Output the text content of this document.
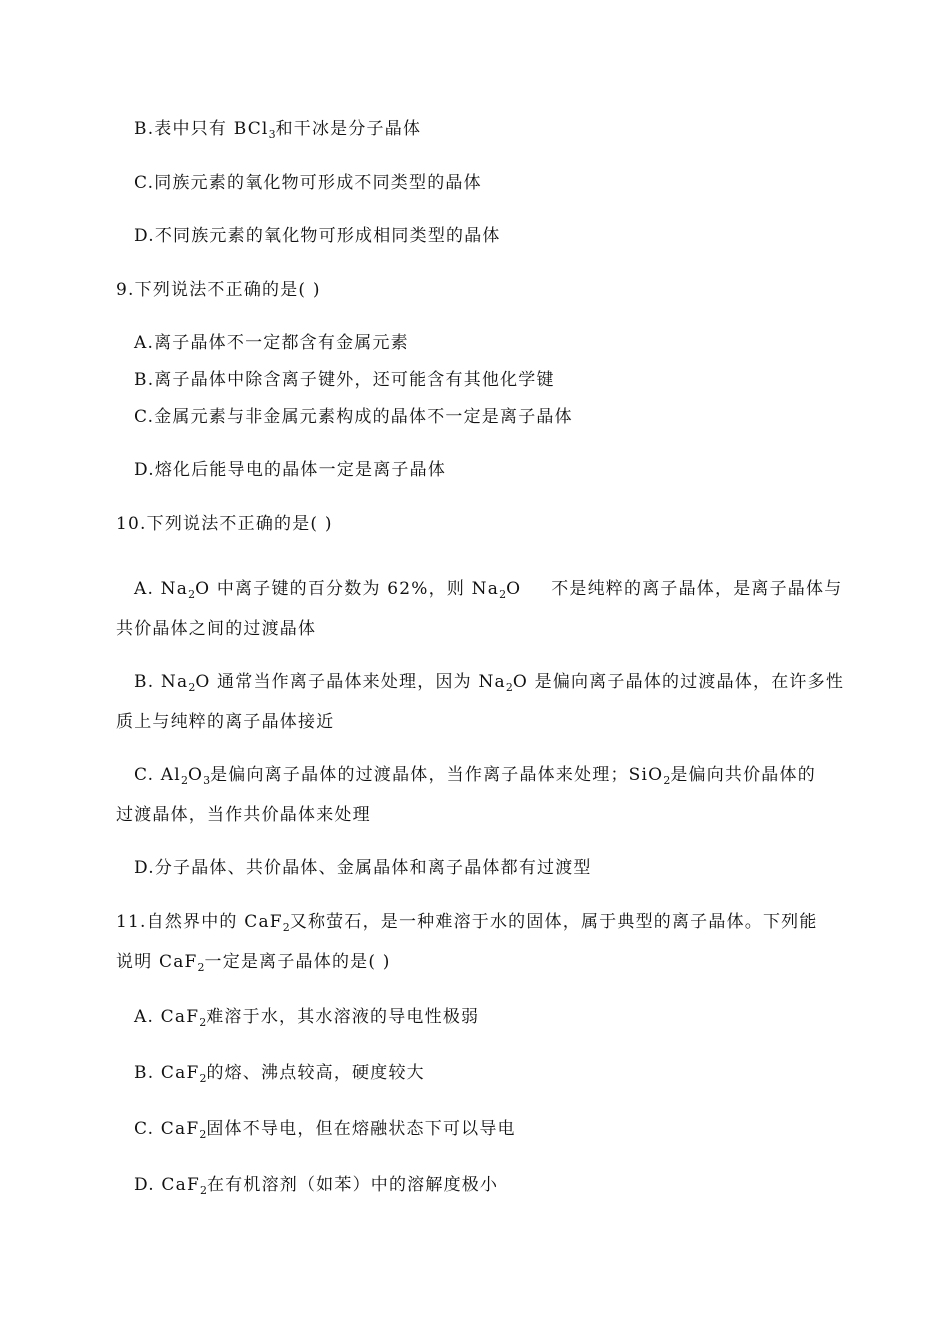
B.表中只有 BCl$_3$和干冰是分子晶体
C.同族元素的氧化物可形成不同类型的晶体
D.不同族元素的氧化物可形成相同类型的晶体
9.下列说法不正确的是( )
A.离子晶体不一定都含有金属元素
B.离子晶体中除含离子键外，还可能含有其他化学键
C.金属元素与非金属元素构成的晶体不一定是离子晶体
D.熔化后能导电的晶体一定是离子晶体
10.下列说法不正确的是( )
A. $Na_2O$ 中离子键的百分数为 62%，则 $Na_2O$ 不是纯粹的离子晶体，是离子晶体与
共价晶体之间的过渡晶体
B. $Na_2O$ 通常当作离子晶体来处理，因为 $Na_2O$ 是偏向离子晶体的过渡晶体，在许多性
质上与纯粹的离子晶体接近
C. $Al_2O_3$是偏向离子晶体的过渡晶体，当作离子晶体来处理；SiO$_2$是偏向共价晶体的
过渡晶体，当作共价晶体来处理
D.分子晶体、共价晶体、金属晶体和离子晶体都有过渡型
11.自然界中的 CaF$_2$又称萤石，是一种难溶于水的固体，属于典型的离子晶体。下列能
说明 CaF$_2$一定是离子晶体的是( )
A. CaF$_2$难溶于水，其水溶液的导电性极弱
B. CaF$_2$的熔、沸点较高，硬度较大
C. CaF$_2$固体不导电，但在熔融状态下可以导电
D. CaF$_2$在有机溶剂（如苯）中的溶解度极小
